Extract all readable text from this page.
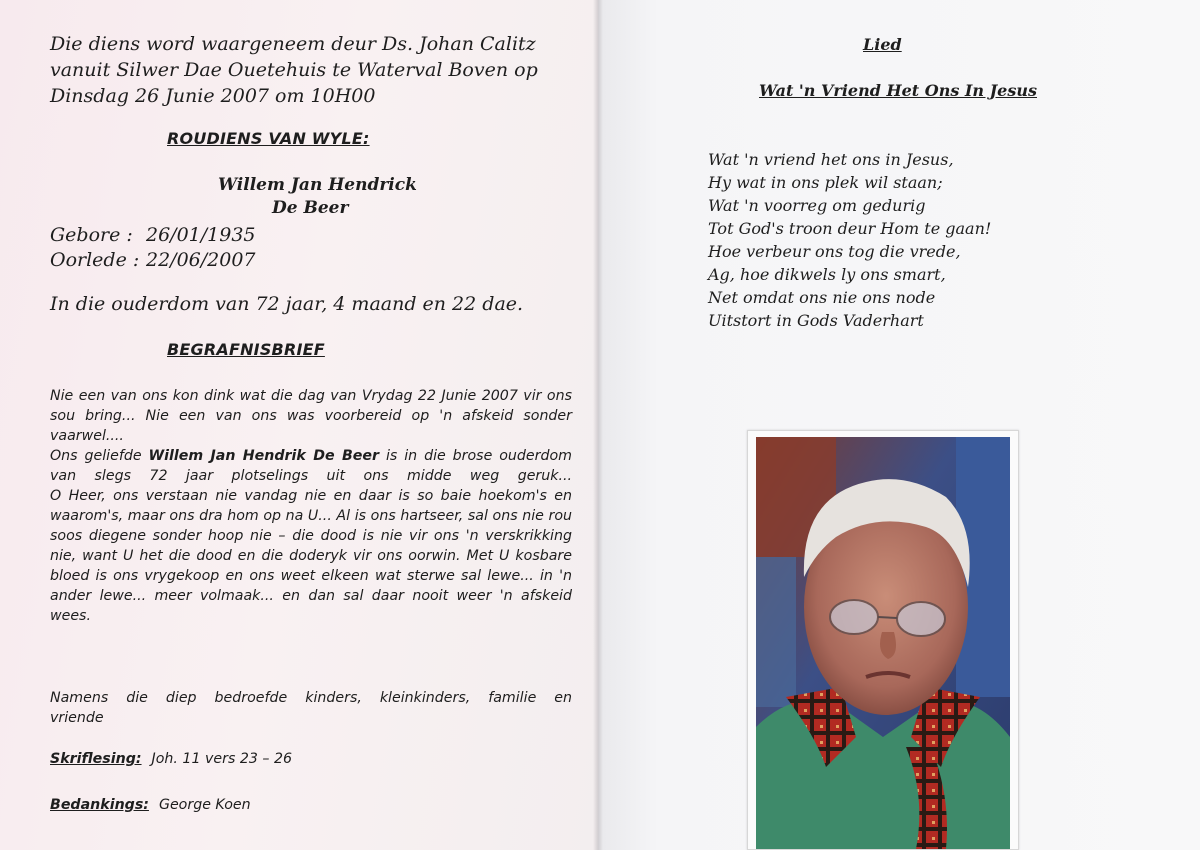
Die diens word waargeneem deur Ds. Johan Calitz
vanuit Silwer Dae Ouetehuis te Waterval Boven op
Dinsdag 26 Junie 2007 om 10H00
ROUDIENS VAN WYLE:
Willem Jan Hendrick
De Beer
Gebore : 26/01/1935
Oorlede : 22/06/2007
In die ouderdom van 72 jaar, 4 maand en 22 dae.
BEGRAFNISBRIEF

Nie een van ons kon dink wat die dag van Vrydag 22 Junie 2007 vir ons sou bring... Nie een van ons was voorbereid op 'n afskeid sonder vaarwel....

Ons geliefde Willem Jan Hendrik De Beer is in die brose ouderdom van slegs 72 jaar plotselings uit ons midde weg geruk...

O Heer, ons verstaan nie vandag nie en daar is so baie hoekom's en waarom's, maar ons dra hom op na U... Al is ons hartseer, sal ons nie rou soos diegene sonder hoop nie – die dood is nie vir ons 'n verskrikking nie, want U het die dood en die doderyk vir ons oorwin. Met U kosbare bloed is ons vrygekoop en ons weet elkeen wat sterwe sal lewe... in 'n ander lewe... meer volmaak... en dan sal daar nooit weer 'n afskeid wees.

Namens die diep bedroefde kinders, kleinkinders, familie en
vriende
Skriflesing: Joh. 11 vers 23 – 26
Bedankings: George Koen
Lied
Wat 'n Vriend Het Ons In Jesus
Wat 'n vriend het ons in Jesus,
Hy wat in ons plek wil staan;
Wat 'n voorreg om gedurig
Tot God's troon deur Hom te gaan!
Hoe verbeur ons tog die vrede,
Ag, hoe dikwels ly ons smart,
Net omdat ons nie ons node
Uitstort in Gods Vaderhart
